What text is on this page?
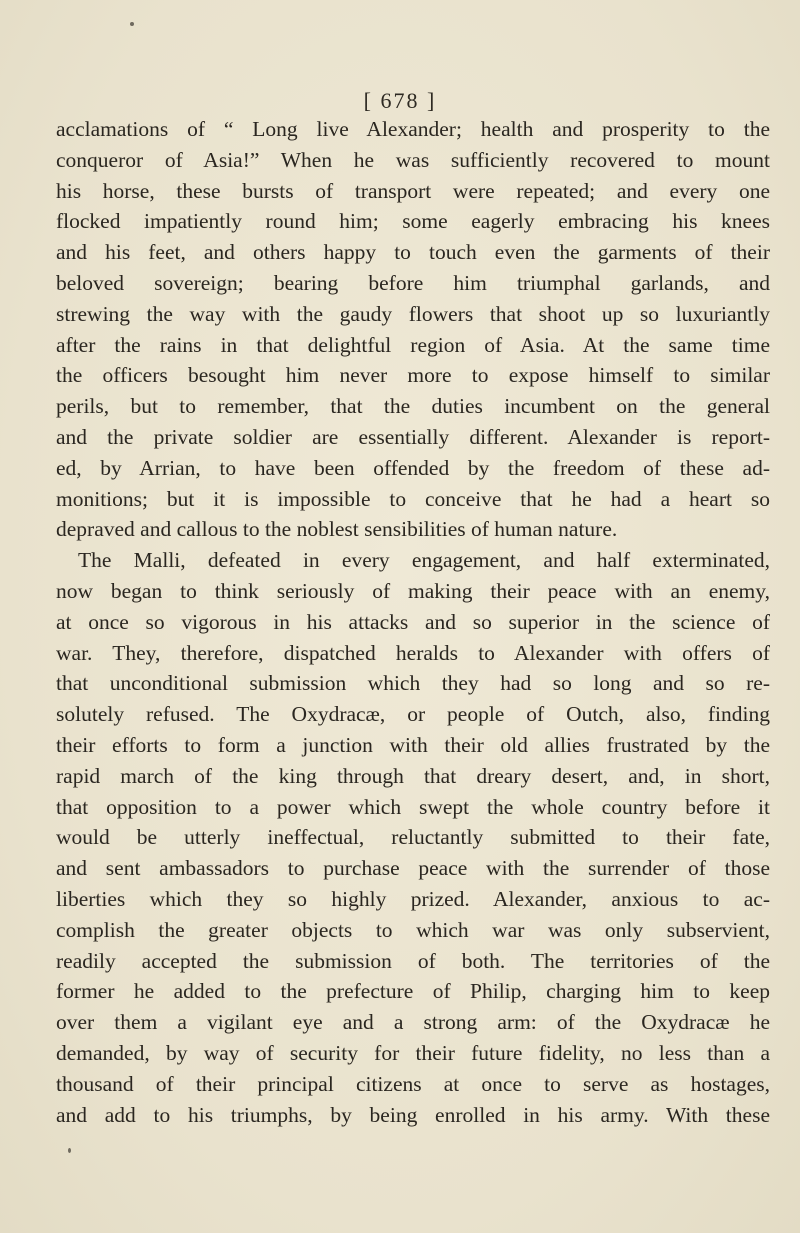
[ 678 ]
acclamations of “ Long live Alexander; health and prosperity to the
conqueror of Asia!” When he was sufficiently recovered to mount
his horse, these bursts of transport were repeated; and every one
flocked impatiently round him; some eagerly embracing his knees
and his feet, and others happy to touch even the garments of their
beloved sovereign; bearing before him triumphal garlands, and
strewing the way with the gaudy flowers that shoot up so luxuriantly
after the rains in that delightful region of Asia. At the same time
the officers besought him never more to expose himself to similar
perils, but to remember, that the duties incumbent on the general
and the private soldier are essentially different. Alexander is report-
ed, by Arrian, to have been offended by the freedom of these ad-
monitions; but it is impossible to conceive that he had a heart so
depraved and callous to the noblest sensibilities of human nature.
The Malli, defeated in every engagement, and half exterminated,
now began to think seriously of making their peace with an enemy,
at once so vigorous in his attacks and so superior in the science of
war. They, therefore, dispatched heralds to Alexander with offers of
that unconditional submission which they had so long and so re-
solutely refused. The Oxydracæ, or people of Outch, also, finding
their efforts to form a junction with their old allies frustrated by the
rapid march of the king through that dreary desert, and, in short,
that opposition to a power which swept the whole country before it
would be utterly ineffectual, reluctantly submitted to their fate,
and sent ambassadors to purchase peace with the surrender of those
liberties which they so highly prized. Alexander, anxious to ac-
complish the greater objects to which war was only subservient,
readily accepted the submission of both. The territories of the
former he added to the prefecture of Philip, charging him to keep
over them a vigilant eye and a strong arm: of the Oxydracæ he
demanded, by way of security for their future fidelity, no less than a
thousand of their principal citizens at once to serve as hostages,
and add to his triumphs, by being enrolled in his army. With these
